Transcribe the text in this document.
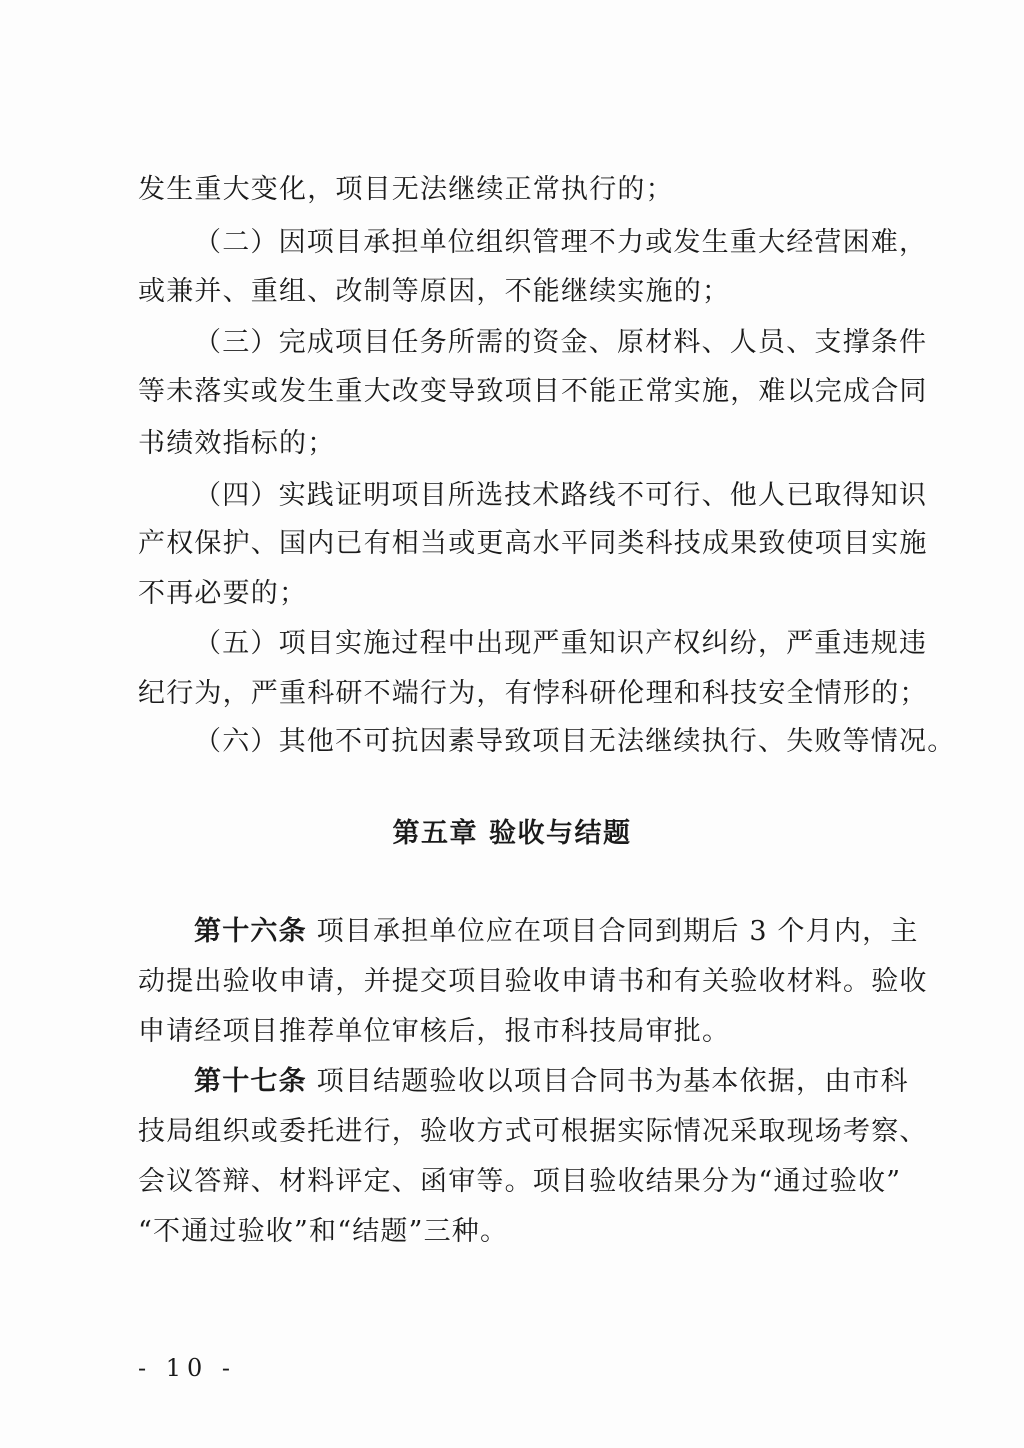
发生重大变化，项目无法继续正常执行的；
（二）因项目承担单位组织管理不力或发生重大经营困难，
或兼并、重组、改制等原因，不能继续实施的；
（三）完成项目任务所需的资金、原材料、人员、支撑条件
等未落实或发生重大改变导致项目不能正常实施，难以完成合同
书绩效指标的；
（四）实践证明项目所选技术路线不可行、他人已取得知识
产权保护、国内已有相当或更高水平同类科技成果致使项目实施
不再必要的；
（五）项目实施过程中出现严重知识产权纠纷，严重违规违
纪行为，严重科研不端行为，有悖科研伦理和科技安全情形的；
（六）其他不可抗因素导致项目无法继续执行、失败等情况。
第五章 验收与结题
第十六条 项目承担单位应在项目合同到期后 3 个月内，主
动提出验收申请，并提交项目验收申请书和有关验收材料。验收
申请经项目推荐单位审核后，报市科技局审批。
第十七条 项目结题验收以项目合同书为基本依据，由市科
技局组织或委托进行，验收方式可根据实际情况采取现场考察、
会议答辩、材料评定、函审等。项目验收结果分为“通过验收”
“不通过验收”和“结题”三种。
- 10 -
